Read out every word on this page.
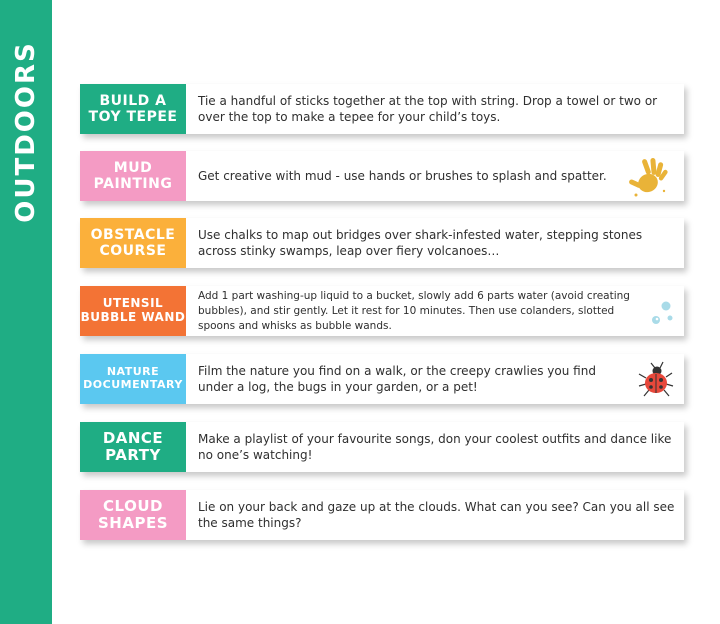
OUTDOORS	BUILD A
TOY TEPEE
Tie a handful of sticks together at the top with string. Drop a towel or two or over the top to make a tepee for your child’s toys.
MUD
PAINTING	Get creative with mud - use hands or brushes to splash and spatter.
OBSTACLE
COURSE
Use chalks to map out bridges over shark-infested water, stepping stones across stinky swamps, leap over fiery volcanoes…
UTENSIL
BUBBLE WAND
Add 1 part washing-up liquid to a bucket, slowly add 6 parts water (avoid creating bubbles), and stir gently. Let it rest for 10 minutes. Then use colanders, slotted spoons and whisks as bubble wands.
NATURE
DOCUMENTARY
Film the nature you find on a walk, or the creepy crawlies you find under a log, the bugs in your garden, or a pet!
DANCE
PARTY
Make a playlist of your favourite songs, don your coolest outfits and dance like no one’s watching!
CLOUD
SHAPES
Lie on your back and gaze up at the clouds. What can you see? Can you all see the same things?
